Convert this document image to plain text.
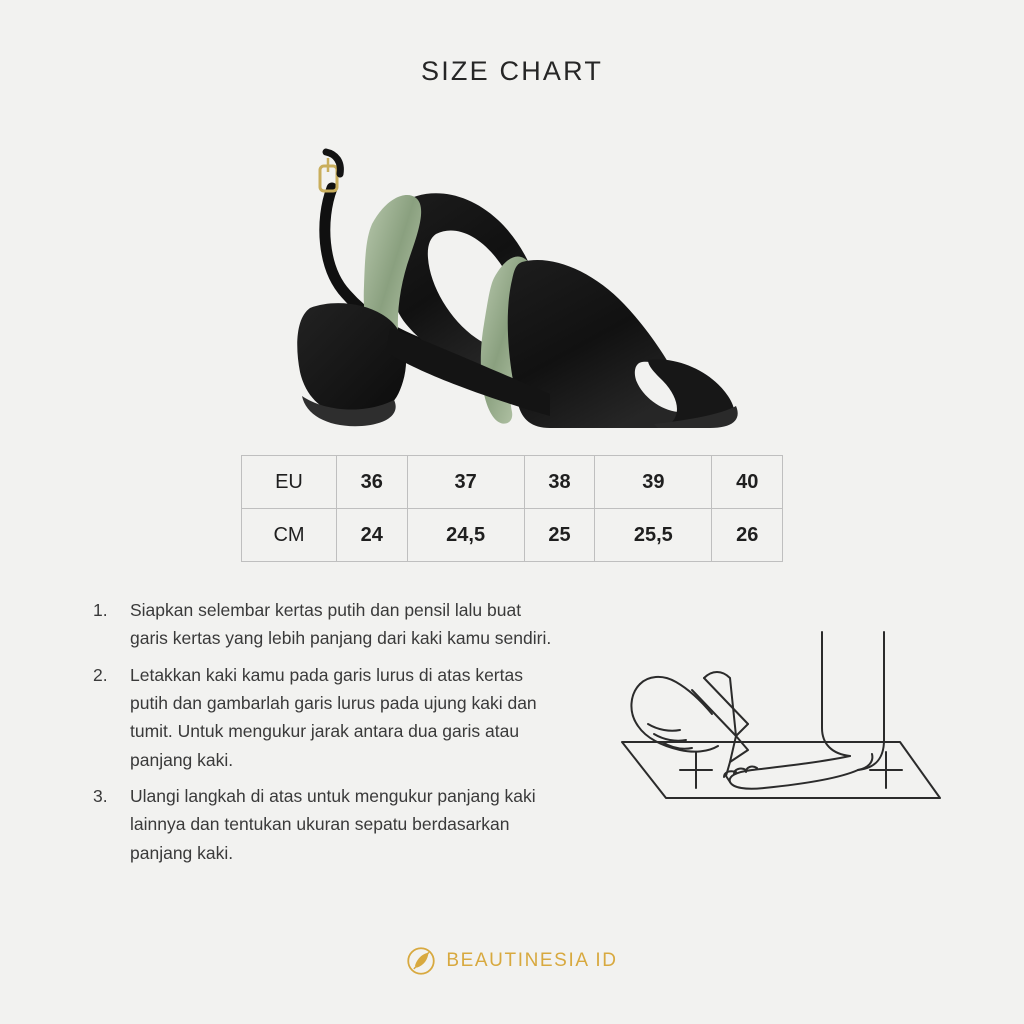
SIZE CHART
EU	36	37	38	39	40
CM	24	24,5	25	25,5	26
1. Siapkan selembar kertas putih dan pensil lalu buat garis kertas yang lebih panjang dari kaki kamu sendiri.
2. Letakkan kaki kamu pada garis lurus di atas kertas putih dan gambarlah garis lurus pada ujung kaki dan tumit. Untuk mengukur jarak antara dua garis atau panjang kaki.
3. Ulangi langkah di atas untuk mengukur panjang kaki lainnya dan tentukan ukuran sepatu berdasarkan panjang kaki.
BEAUTINESIA ID
